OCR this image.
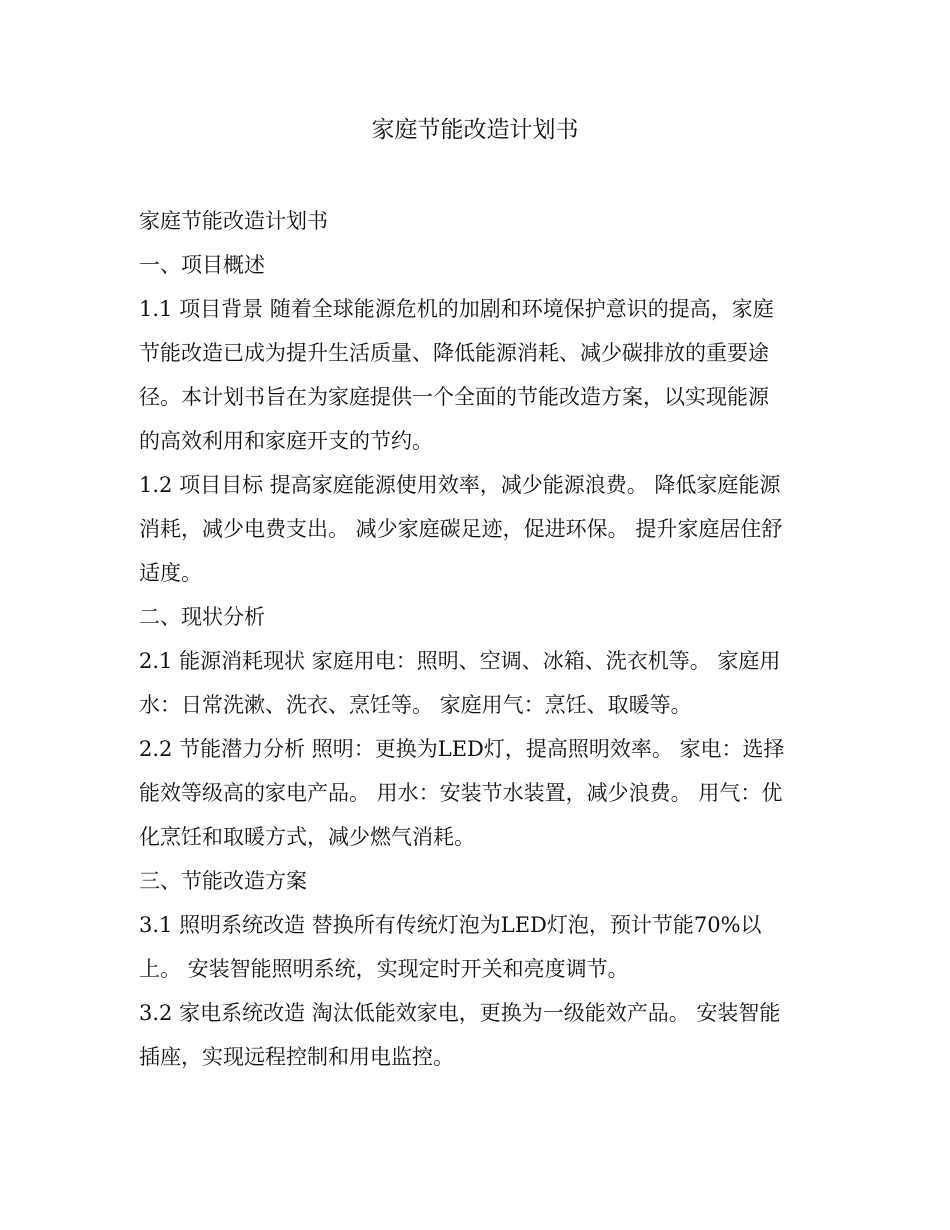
家庭节能改造计划书
家庭节能改造计划书
一、项目概述
1.1 项目背景 随着全球能源危机的加剧和环境保护意识的提高，家庭
节能改造已成为提升生活质量、降低能源消耗、减少碳排放的重要途
径。本计划书旨在为家庭提供一个全面的节能改造方案，以实现能源
的高效利用和家庭开支的节约。
1.2 项目目标 提高家庭能源使用效率，减少能源浪费。 降低家庭能源
消耗，减少电费支出。 减少家庭碳足迹，促进环保。 提升家庭居住舒
适度。
二、现状分析
2.1 能源消耗现状 家庭用电：照明、空调、冰箱、洗衣机等。 家庭用
水：日常洗漱、洗衣、烹饪等。 家庭用气：烹饪、取暖等。
2.2 节能潜力分析 照明：更换为LED灯，提高照明效率。 家电：选择
能效等级高的家电产品。 用水：安装节水装置，减少浪费。 用气：优
化烹饪和取暖方式，减少燃气消耗。
三、节能改造方案
3.1 照明系统改造 替换所有传统灯泡为LED灯泡，预计节能70%以
上。 安装智能照明系统，实现定时开关和亮度调节。
3.2 家电系统改造 淘汰低能效家电，更换为一级能效产品。 安装智能
插座，实现远程控制和用电监控。
